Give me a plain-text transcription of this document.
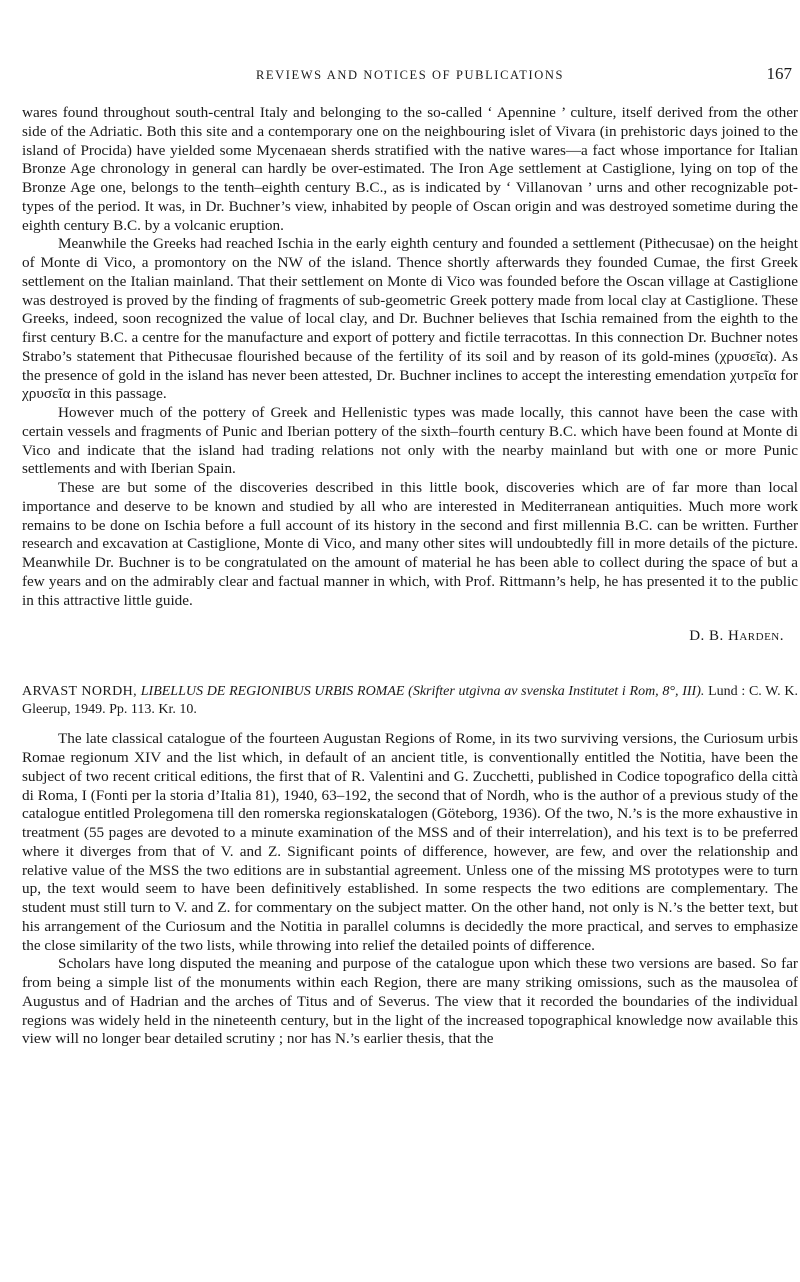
REVIEWS AND NOTICES OF PUBLICATIONS	167

wares found throughout south-central Italy and belonging to the so-called ‘ Apennine ’ culture, itself derived from the other side of the Adriatic. Both this site and a contemporary one on the neighbouring islet of Vivara (in prehistoric days joined to the island of Procida) have yielded some Mycenaean sherds stratified with the native wares—a fact whose importance for Italian Bronze Age chronology in general can hardly be over-estimated. The Iron Age settlement at Castiglione, lying on top of the Bronze Age one, belongs to the tenth–eighth century B.C., as is indicated by ‘ Villanovan ’ urns and other recognizable pot-types of the period. It was, in Dr. Buchner’s view, inhabited by people of Oscan origin and was destroyed sometime during the eighth century B.C. by a volcanic eruption.

Meanwhile the Greeks had reached Ischia in the early eighth century and founded a settlement (Pithecusae) on the height of Monte di Vico, a promontory on the NW of the island. Thence shortly afterwards they founded Cumae, the first Greek settlement on the Italian mainland. That their settlement on Monte di Vico was founded before the Oscan village at Castiglione was destroyed is proved by the finding of fragments of sub-geometric Greek pottery made from local clay at Castiglione. These Greeks, indeed, soon recognized the value of local clay, and Dr. Buchner believes that Ischia remained from the eighth to the first century B.C. a centre for the manufacture and export of pottery and fictile terracottas. In this connection Dr. Buchner notes Strabo’s statement that Pithecusae flourished because of the fertility of its soil and by reason of its gold-mines (χρυσεῖα). As the presence of gold in the island has never been attested, Dr. Buchner inclines to accept the interesting emendation χυτρεῖα for χρυσεῖα in this passage.

However much of the pottery of Greek and Hellenistic types was made locally, this cannot have been the case with certain vessels and fragments of Punic and Iberian pottery of the sixth–fourth century B.C. which have been found at Monte di Vico and indicate that the island had trading relations not only with the nearby mainland but with one or more Punic settlements and with Iberian Spain.

These are but some of the discoveries described in this little book, discoveries which are of far more than local importance and deserve to be known and studied by all who are interested in Mediterranean antiquities. Much more work remains to be done on Ischia before a full account of its history in the second and first millennia B.C. can be written. Further research and excavation at Castiglione, Monte di Vico, and many other sites will undoubtedly fill in more details of the picture. Meanwhile Dr. Buchner is to be congratulated on the amount of material he has been able to collect during the space of but a few years and on the admirably clear and factual manner in which, with Prof. Rittmann’s help, he has presented it to the public in this attractive little guide.

D. B. Harden.
ARVAST NORDH, LIBELLUS DE REGIONIBUS URBIS ROMAE (Skrifter utgivna av svenska Institutet i Rom, 8°, III). Lund : C. W. K. Gleerup, 1949. Pp. 113. Kr. 10.

The late classical catalogue of the fourteen Augustan Regions of Rome, in its two surviving versions, the Curiosum urbis Romae regionum XIV and the list which, in default of an ancient title, is conventionally entitled the Notitia, have been the subject of two recent critical editions, the first that of R. Valentini and G. Zucchetti, published in Codice topografico della città di Roma, I (Fonti per la storia d’Italia 81), 1940, 63–192, the second that of Nordh, who is the author of a previous study of the catalogue entitled Prolegomena till den romerska regionskatalogen (Göteborg, 1936). Of the two, N.’s is the more exhaustive in treatment (55 pages are devoted to a minute examination of the MSS and of their interrelation), and his text is to be preferred where it diverges from that of V. and Z. Significant points of difference, however, are few, and over the relationship and relative value of the MSS the two editions are in substantial agreement. Unless one of the missing MS prototypes were to turn up, the text would seem to have been definitively established. In some respects the two editions are complementary. The student must still turn to V. and Z. for commentary on the subject matter. On the other hand, not only is N.’s the better text, but his arrangement of the Curiosum and the Notitia in parallel columns is decidedly the more practical, and serves to emphasize the close similarity of the two lists, while throwing into relief the detailed points of difference.

Scholars have long disputed the meaning and purpose of the catalogue upon which these two versions are based. So far from being a simple list of the monuments within each Region, there are many striking omissions, such as the mausolea of Augustus and of Hadrian and the arches of Titus and of Severus. The view that it recorded the boundaries of the individual regions was widely held in the nineteenth century, but in the light of the increased topographical knowledge now available this view will no longer bear detailed scrutiny ; nor has N.’s earlier thesis, that the
